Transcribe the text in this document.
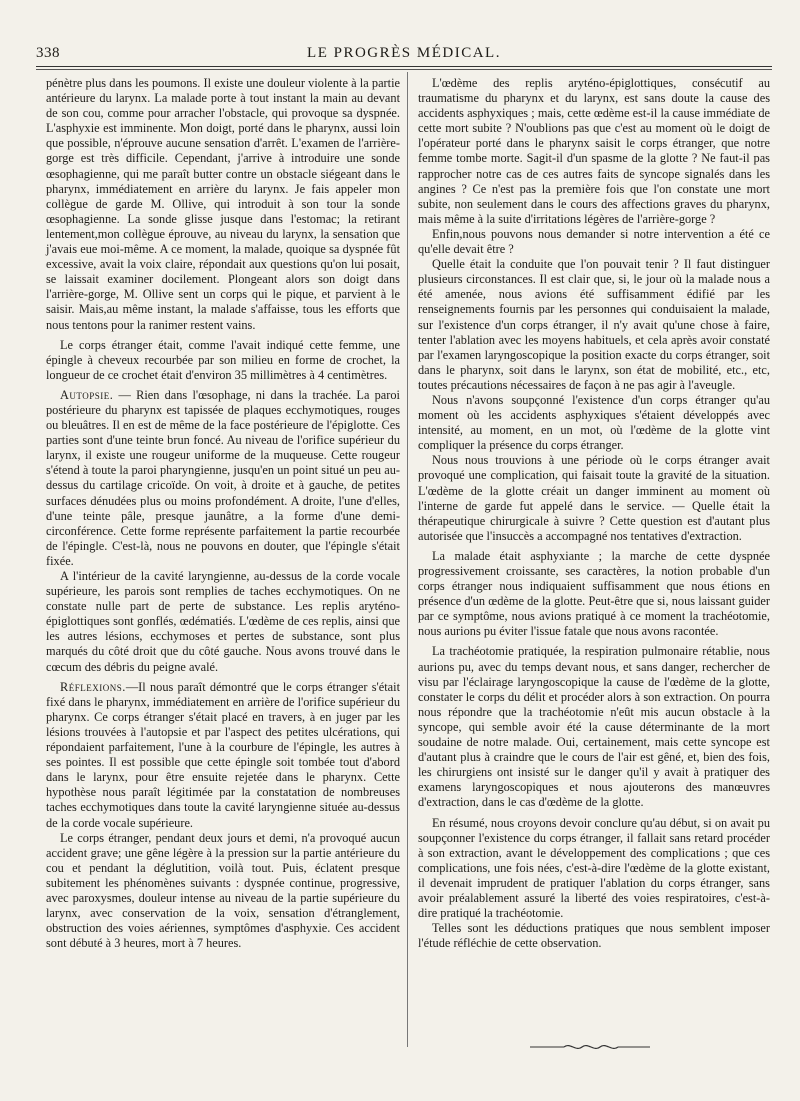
338	LE PROGRÈS MÉDICAL.

pénètre plus dans les poumons. Il existe une douleur violente à la partie antérieure du larynx. La malade porte à tout instant la main au devant de son cou, comme pour arracher l'obstacle, qui provoque sa dyspnée. L'asphyxie est imminente. Mon doigt, porté dans le pharynx, aussi loin que possible, n'éprouve aucune sensation d'arrêt. L'examen de l'arrière-gorge est très difficile. Cependant, j'arrive à introduire une sonde œsophagienne, qui me paraît butter contre un obstacle siégeant dans le pharynx, immédiatement en arrière du larynx. Je fais appeler mon collègue de garde M. Ollive, qui introduit à son tour la sonde œsophagienne. La sonde glisse jusque dans l'estomac; la retirant lentement,mon collègue éprouve, au niveau du larynx, la sensation que j'avais eue moi-même. A ce moment, la malade, quoique sa dyspnée fût excessive, avait la voix claire, répondait aux questions qu'on lui posait, se laissait examiner docilement. Plongeant alors son doigt dans l'arrière-gorge, M. Ollive sent un corps qui le pique, et parvient à le saisir. Mais,au même instant, la malade s'affaisse, tous les efforts que nous tentons pour la ranimer restent vains.

Le corps étranger était, comme l'avait indiqué cette femme, une épingle à cheveux recourbée par son milieu en forme de crochet, la longueur de ce crochet était d'environ 35 millimètres à 4 centimètres.

Autopsie. — Rien dans l'œsophage, ni dans la trachée. La paroi postérieure du pharynx est tapissée de plaques ecchymotiques, rouges ou bleuâtres. Il en est de même de la face postérieure de l'épiglotte. Ces parties sont d'une teinte brun foncé. Au niveau de l'orifice supérieur du larynx, il existe une rougeur uniforme de la muqueuse. Cette rougeur s'étend à toute la paroi pharyngienne, jusqu'en un point situé un peu au-dessus du cartilage cricoïde. On voit, à droite et à gauche, de petites surfaces dénudées plus ou moins profondément. A droite, l'une d'elles, d'une teinte pâle, presque jaunâtre, a la forme d'une demi-circonférence. Cette forme représente parfaitement la partie recourbée de l'épingle. C'est-là, nous ne pouvons en douter, que l'épingle s'était fixée.

A l'intérieur de la cavité laryngienne, au-dessus de la corde vocale supérieure, les parois sont remplies de taches ecchymotiques. On ne constate nulle part de perte de substance. Les replis aryténo-épiglottiques sont gonflés, œdématiés. L'œdème de ces replis, ainsi que les autres lésions, ecchymoses et pertes de substance, sont plus marqués du côté droit que du côté gauche. Nous avons trouvé dans le cœcum des débris du peigne avalé.

Réflexions.—Il nous paraît démontré que le corps étranger s'était fixé dans le pharynx, immédiatement en arrière de l'orifice supérieur du pharynx. Ce corps étranger s'était placé en travers, à en juger par les lésions trouvées à l'autopsie et par l'aspect des petites ulcérations, qui répondaient parfaitement, l'une à la courbure de l'épingle, les autres à ses pointes. Il est possible que cette épingle soit tombée tout d'abord dans le larynx, pour être ensuite rejetée dans le pharynx. Cette hypothèse nous paraît légitimée par la constatation de nombreuses taches ecchymotiques dans toute la cavité laryngienne située au-dessus de la corde vocale supérieure.

Le corps étranger, pendant deux jours et demi, n'a provoqué aucun accident grave; une gêne légère à la pression sur la partie antérieure du cou et pendant la déglutition, voilà tout. Puis, éclatent presque subitement les phénomènes suivants : dyspnée continue, progressive, avec paroxysmes, douleur intense au niveau de la partie supérieure du larynx, avec conservation de la voix, sensation d'étranglement, obstruction des voies aériennes, symptômes d'asphyxie. Ces accident sont débuté à 3 heures, mort à 7 heures.

L'œdème des replis aryténo-épiglottiques, consécutif au traumatisme du pharynx et du larynx, est sans doute la cause des accidents asphyxiques ; mais, cette œdème est-il la cause immédiate de cette mort subite ? N'oublions pas que c'est au moment où le doigt de l'opérateur porté dans le pharynx saisit le corps étranger, que notre femme tombe morte. Sagit-il d'un spasme de la glotte ? Ne faut-il pas rapprocher notre cas de ces autres faits de syncope signalés dans les angines ? Ce n'est pas la première fois que l'on constate une mort subite, non seulement dans le cours des affections graves du pharynx, mais même à la suite d'irritations légères de l'arrière-gorge ?

Enfin,nous pouvons nous demander si notre intervention a été ce qu'elle devait être ?

Quelle était la conduite que l'on pouvait tenir ? Il faut distinguer plusieurs circonstances. Il est clair que, si, le jour où la malade nous a été amenée, nous avions été suffisamment édifié par les renseignements fournis par les personnes qui conduisaient la malade, sur l'existence d'un corps étranger, il n'y avait qu'une chose à faire, tenter l'ablation avec les moyens habituels, et cela après avoir constaté par l'examen laryngoscopique la position exacte du corps étranger, soit dans le pharynx, soit dans le larynx, son état de mobilité, etc., etc, toutes précautions nécessaires de façon à ne pas agir à l'aveugle.

Nous n'avons soupçonné l'existence d'un corps étranger qu'au moment où les accidents asphyxiques s'étaient développés avec intensité, au moment, en un mot, où l'œdème de la glotte vint compliquer la présence du corps étranger.

Nous nous trouvions à une période où le corps étranger avait provoqué une complication, qui faisait toute la gravité de la situation. L'œdème de la glotte créait un danger imminent au moment où l'interne de garde fut appelé dans le service. — Quelle était la thérapeutique chirurgicale à suivre ? Cette question est d'autant plus autorisée que l'insuccès a accompagné nos tentatives d'extraction.

La malade était asphyxiante ; la marche de cette dyspnée progressivement croissante, ses caractères, la notion probable d'un corps étranger nous indiquaient suffisamment que nous étions en présence d'un œdème de la glotte. Peut-être que si, nous laissant guider par ce symptôme, nous avions pratiqué à ce moment la trachéotomie, nous aurions pu éviter l'issue fatale que nous avons racontée.

La trachéotomie pratiquée, la respiration pulmonaire rétablie, nous aurions pu, avec du temps devant nous, et sans danger, rechercher de visu par l'éclairage laryngoscopique la cause de l'œdème de la glotte, constater le corps du délit et procéder alors à son extraction. On pourra nous répondre que la trachéotomie n'eût mis aucun obstacle à la syncope, qui semble avoir été la cause déterminante de la mort soudaine de notre malade. Oui, certainement, mais cette syncope est d'autant plus à craindre que le cours de l'air est gêné, et, bien des fois, les chirurgiens ont insisté sur le danger qu'il y avait à pratiquer des examens laryngoscopiques et nous ajouterons des manœuvres d'extraction, dans le cas d'œdème de la glotte.

En résumé, nous croyons devoir conclure qu'au début, si on avait pu soupçonner l'existence du corps étranger, il fallait sans retard procéder à son extraction, avant le développement des complications ; que ces complications, une fois nées, c'est-à-dire l'œdème de la glotte existant, il devenait imprudent de pratiquer l'ablation du corps étranger, sans avoir préalablement assuré la liberté des voies respiratoires, c'est-à-dire pratiqué la trachéotomie.

Telles sont les déductions pratiques que nous semblent imposer l'étude réfléchie de cette observation.
